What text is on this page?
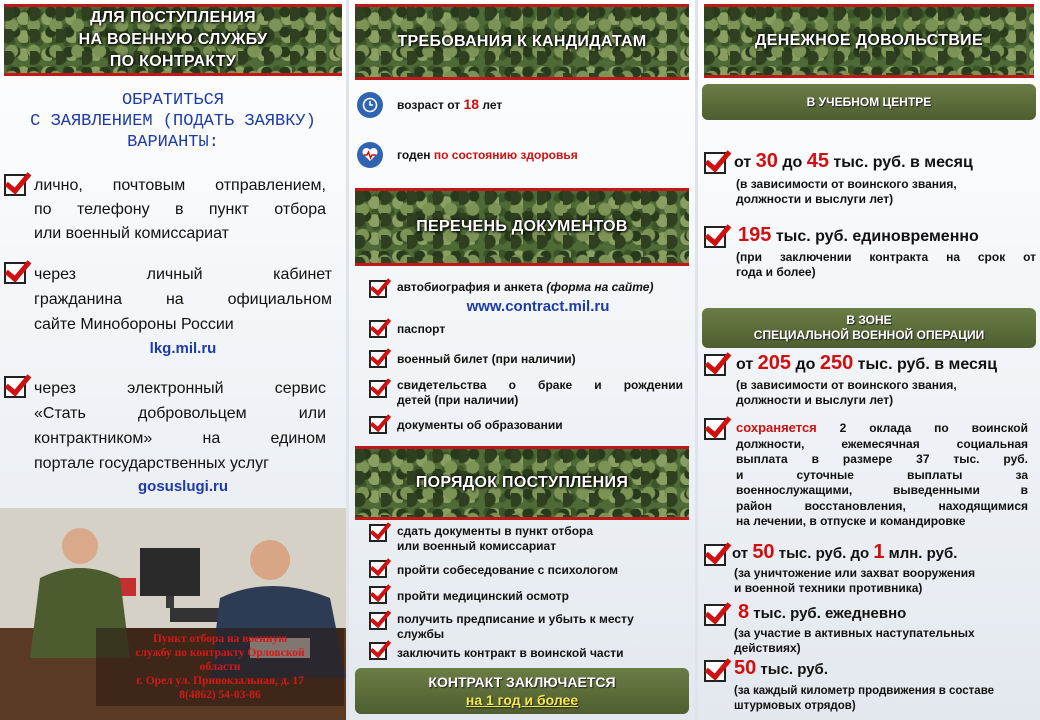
ДЛЯ ПОСТУПЛЕНИЯ
НА ВОЕННУЮ СЛУЖБУ
ПО КОНТРАКТУ
ОБРАТИТЬСЯ
С ЗАЯВЛЕНИЕМ (ПОДАТЬ ЗАЯВКУ)
ВАРИАНТЫ:
лично, почтовым отправлением,
по телефону в пункт отбора
или военный комиссариат
через личный кабинет
гражданина на официальном
сайте Минобороны России
lkg.mil.ru
через электронный сервис
«Стать добровольцем или
контрактником» на едином
портале государственных услуг
gosuslugi.ru
Пункт отбора на военную
службу по контракту Орловской
области
г. Орел ул. Привокзальная, д. 17
8(4862) 54-03-86
ТРЕБОВАНИЯ К КАНДИДАТАМ
возраст от 18 лет
годен по состоянию здоровья
ПЕРЕЧЕНЬ ДОКУМЕНТОВ
автобиография и анкета (форма на сайте)
www.contract.mil.ru
паспорт
военный билет (при наличии)
свидетельства о браке и рождении
детей (при наличии)
документы об образовании
ПОРЯДОК ПОСТУПЛЕНИЯ
сдать документы в пункт отбора
или военный комиссариат
пройти собеседование с психологом
пройти медицинский осмотр
получить предписание и убыть к месту
службы
заключить контракт в воинской части
КОНТРАКТ ЗАКЛЮЧАЕТСЯ
на 1 год и более
ДЕНЕЖНОЕ ДОВОЛЬСТВИЕ
В УЧЕБНОМ ЦЕНТРЕ
от 30 до 45 тыс. руб. в месяц
(в зависимости от воинского звания,
должности и выслуги лет)
195 тыс. руб. единовременно
(при заключении контракта на срок от
года и более)
В ЗОНЕ
СПЕЦИАЛЬНОЙ ВОЕННОЙ ОПЕРАЦИИ
от 205 до 250 тыс. руб. в месяц
(в зависимости от воинского звания,
должности и выслуги лет)
сохраняется 2 оклада по воинской
должности, ежемесячная социальная
выплата в размере 37 тыс. руб.
и суточные выплаты за
военнослужащими, выведенными в
район восстановления, находящимися
на лечении, в отпуске и командировке
от 50 тыс. руб. до 1 млн. руб.
(за уничтожение или захват вооружения
и военной техники противника)
8 тыс. руб. ежедневно
(за участие в активных наступательных
действиях)
50 тыс. руб.
(за каждый километр продвижения в составе
штурмовых отрядов)
